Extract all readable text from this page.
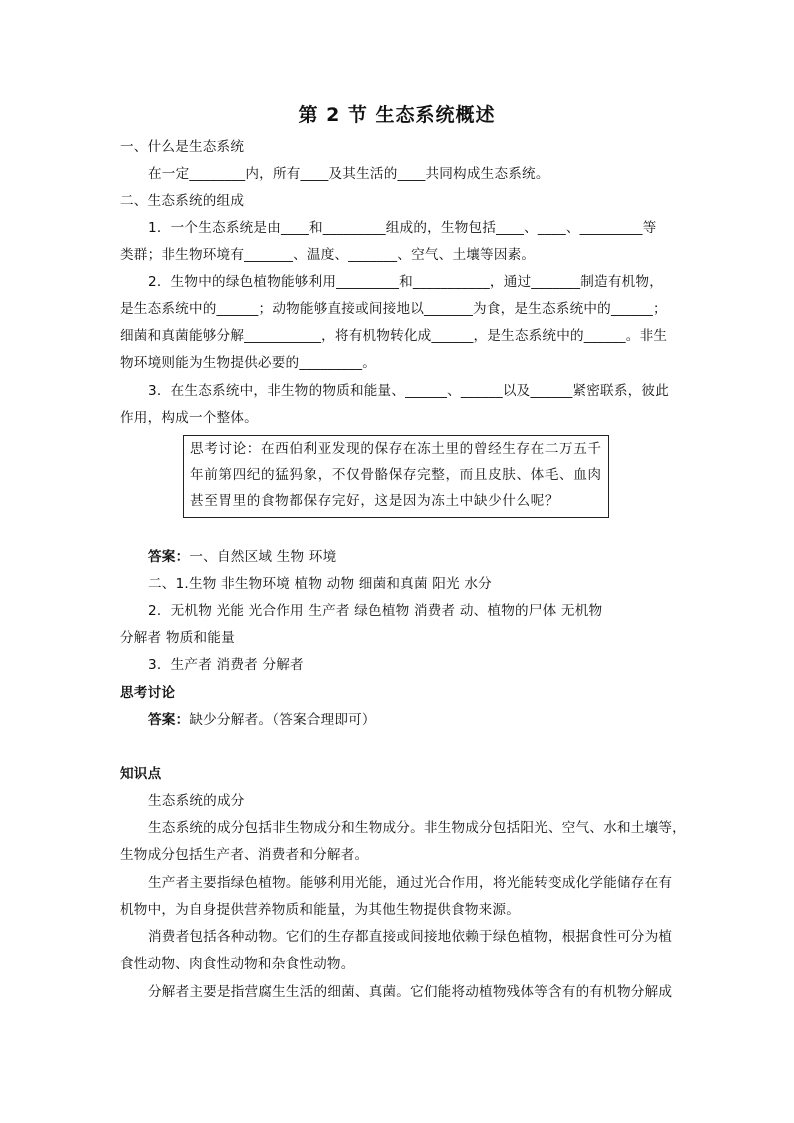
第 2 节 生态系统概述
一、什么是生态系统
在一定________内，所有____及其生活的____共同构成生态系统。
二、生态系统的组成
1．一个生态系统是由____和_________组成的，生物包括____、____、_________等
类群；非生物环境有_______、温度、_______、空气、土壤等因素。
2．生物中的绿色植物能够利用_________和___________，通过_______制造有机物，
是生态系统中的______；动物能够直接或间接地以_______为食，是生态系统中的______；
细菌和真菌能够分解___________，将有机物转化成______，是生态系统中的______。非生
物环境则能为生物提供必要的_________。
3．在生态系统中，非生物的物质和能量、______、______以及______紧密联系，彼此
作用，构成一个整体。
思考讨论：在西伯利亚发现的保存在冻土里的曾经生存在二万五千
年前第四纪的猛犸象，不仅骨骼保存完整，而且皮肤、体毛、血肉
甚至胃里的食物都保存完好，这是因为冻土中缺少什么呢？
答案：一、自然区域 生物 环境
二、1.生物 非生物环境 植物 动物 细菌和真菌 阳光 水分
2．无机物 光能 光合作用 生产者 绿色植物 消费者 动、植物的尸体 无机物
分解者 物质和能量
3．生产者 消费者 分解者
思考讨论
答案：缺少分解者。（答案合理即可）
知识点
生态系统的成分
生态系统的成分包括非生物成分和生物成分。非生物成分包括阳光、空气、水和土壤等，
生物成分包括生产者、消费者和分解者。
生产者主要指绿色植物。能够利用光能，通过光合作用，将光能转变成化学能储存在有
机物中，为自身提供营养物质和能量，为其他生物提供食物来源。
消费者包括各种动物。它们的生存都直接或间接地依赖于绿色植物，根据食性可分为植
食性动物、肉食性动物和杂食性动物。
分解者主要是指营腐生生活的细菌、真菌。它们能将动植物残体等含有的有机物分解成
